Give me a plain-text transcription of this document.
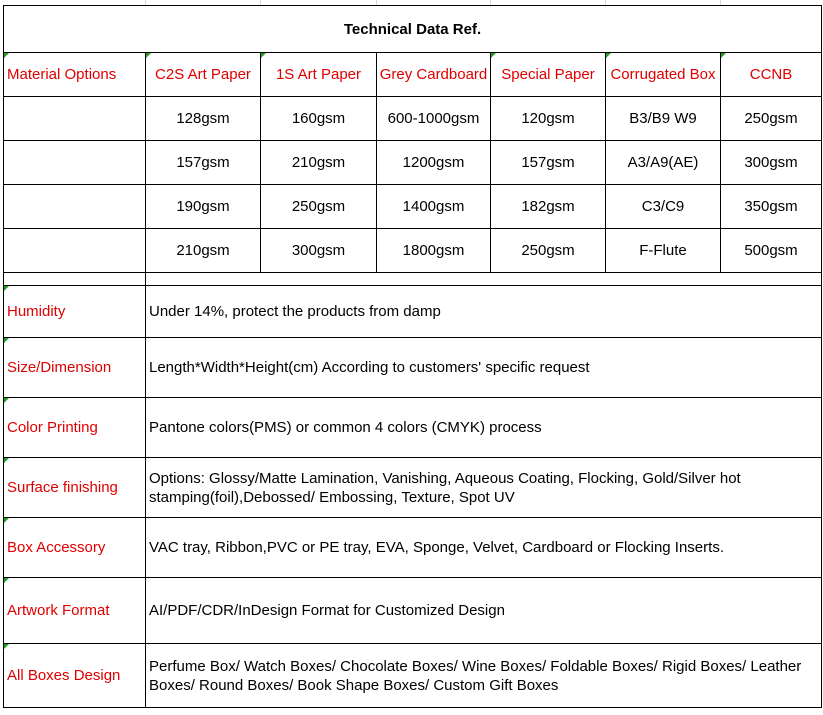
Technical Data Ref.						

Material Options	C2S Art Paper	1S Art Paper	Grey Cardboard	Special Paper	Corrugated Box	CCNB
	128gsm	160gsm	600-1000gsm	120gsm	B3/B9 W9	250gsm
	157gsm	210gsm	1200gsm	157gsm	A3/A9(AE)	300gsm
	190gsm	250gsm	1400gsm	182gsm	C3/C9	350gsm
	210gsm	300gsm	1800gsm	250gsm	F-Flute	500gsm

Humidity	Under 14%, protect the products from damp					

Size/Dimension	Length*Width*Height(cm) According to customers' specific request					

Color Printing	Pantone colors(PMS) or common 4 colors (CMYK) process					

Surface finishing	Options: Glossy/Matte Lamination, Vanishing, Aqueous Coating, Flocking, Gold/Silver hot stamping(foil),Debossed/ Embossing, Texture, Spot UV					

Box Accessory	VAC tray, Ribbon,PVC or PE tray, EVA, Sponge, Velvet, Cardboard or Flocking Inserts.					

Artwork Format	AI/PDF/CDR/InDesign Format for Customized Design					

All Boxes Design	Perfume Box/ Watch Boxes/ Chocolate Boxes/ Wine Boxes/ Foldable Boxes/ Rigid Boxes/ Leather Boxes/ Round Boxes/ Book Shape Boxes/ Custom Gift Boxes					
